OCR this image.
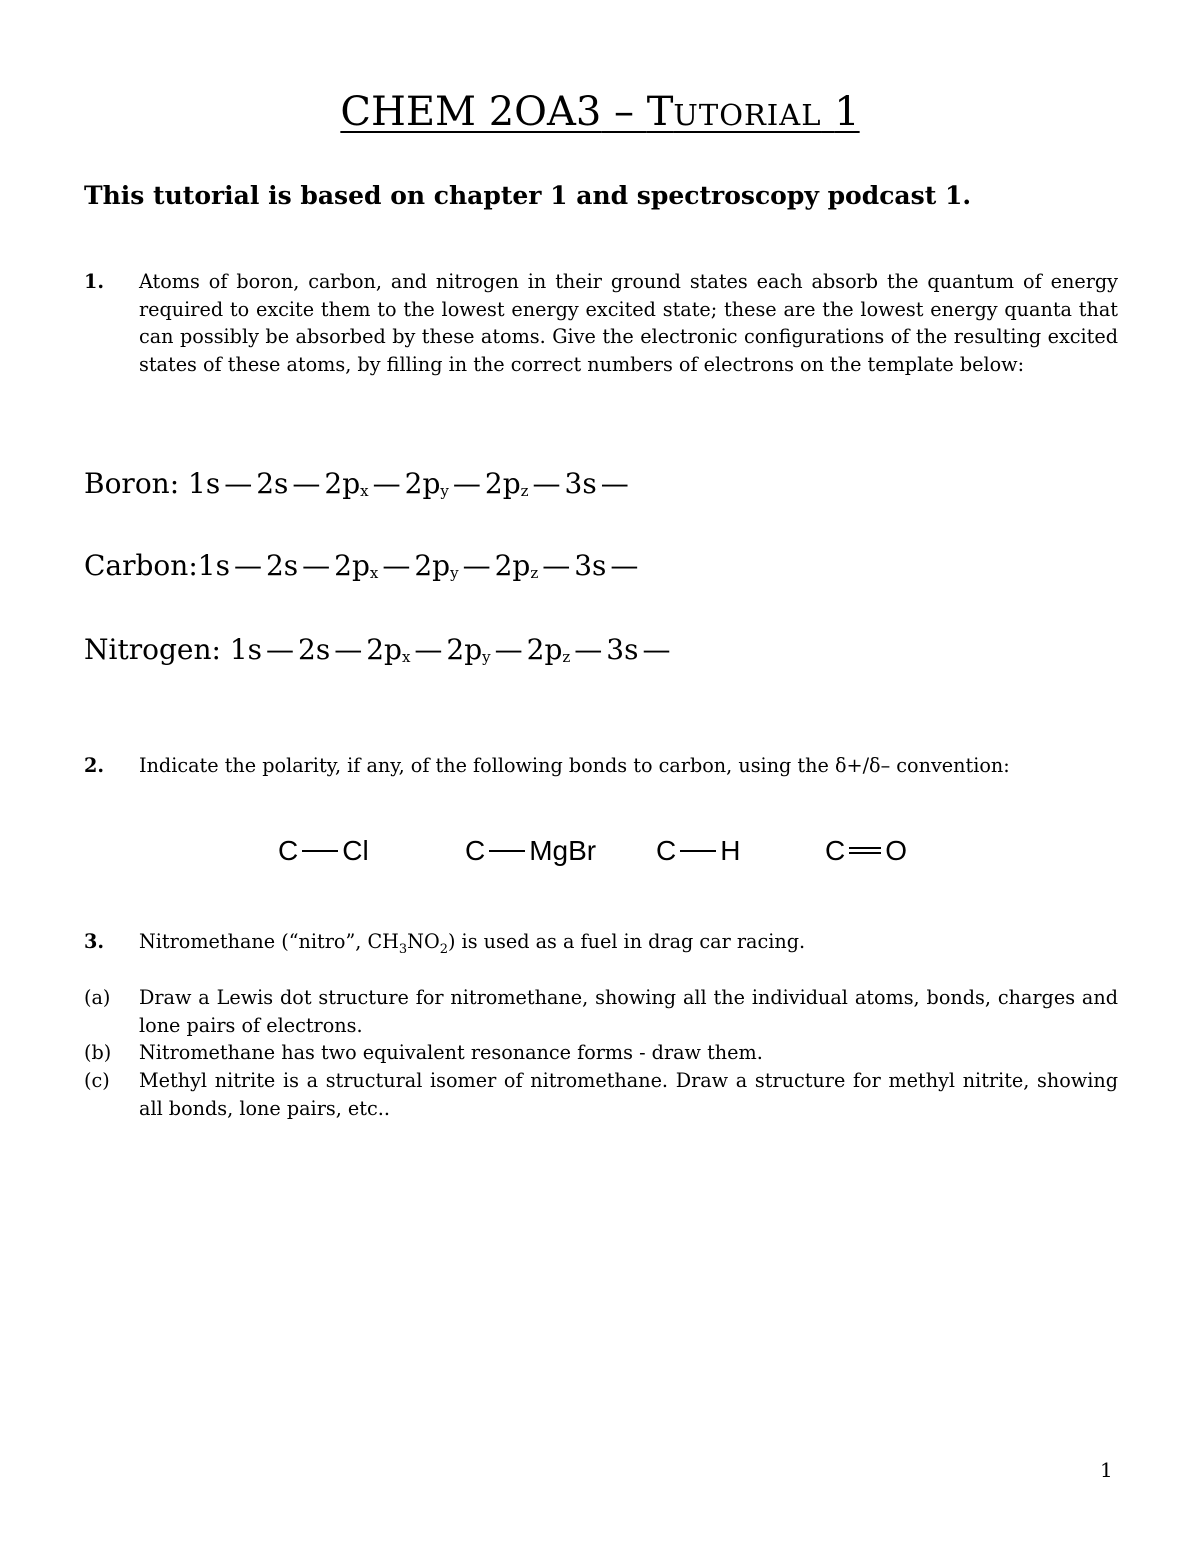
CHEM 2OA3 – TUTORIAL 1
This tutorial is based on chapter 1 and spectroscopy podcast 1.
1. Atoms of boron, carbon, and nitrogen in their ground states each absorb the quantum of energy required to excite them to the lowest energy excited state; these are the lowest energy quanta that can possibly be absorbed by these atoms. Give the electronic configurations of the resulting excited states of these atoms, by filling in the correct numbers of electrons on the template below:
Boron: 1s — 2s — $2p_x$ — $2p_y$ — $2p_z$ — 3s —
Carbon:1s — 2s — $2p_x$ — $2p_y$ — $2p_z$ — 3s —
Nitrogen: 1s — 2s — $2p_x$ — $2p_y$ — $2p_z$ — 3s —
2. Indicate the polarity, if any, of the following bonds to carbon, using the δ+/δ– convention:
C Cl	C MgBr C H	C O
3. Nitromethane (“nitro”, $CH_3NO_2$) is used as a fuel in drag car racing.
(a) Draw a Lewis dot structure for nitromethane, showing all the individual atoms, bonds, charges and lone pairs of electrons.
(b) Nitromethane has two equivalent resonance forms - draw them.
(c) Methyl nitrite is a structural isomer of nitromethane. Draw a structure for methyl nitrite, showing all bonds, lone pairs, etc..
1
